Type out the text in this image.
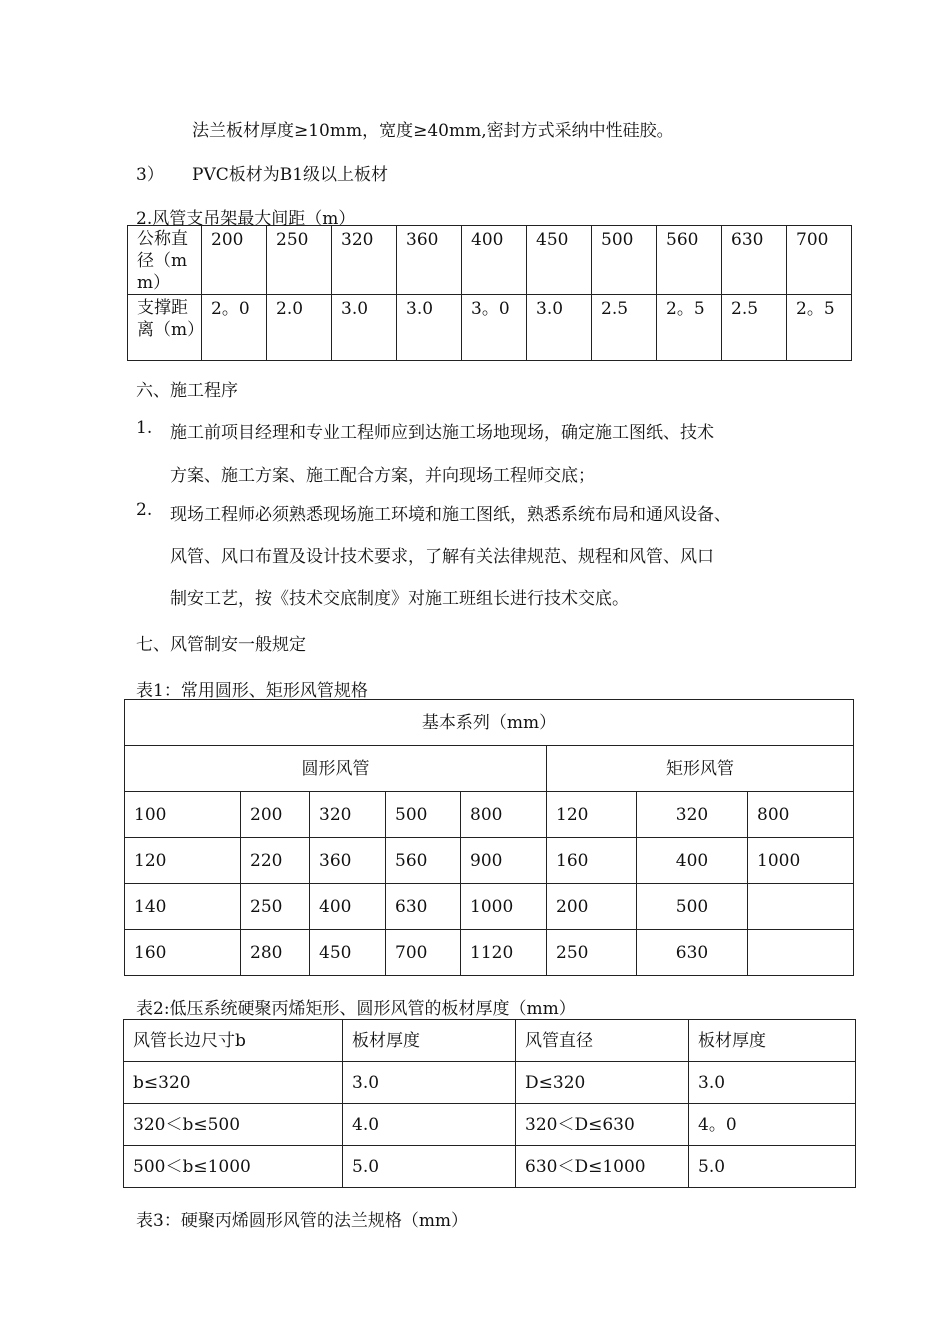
法兰板材厚度≥10mm，宽度≥40mm,密封方式采纳中性硅胶。
3） PVC板材为B1级以上板材
2.风管支吊架最大间距（m）
公称直径（mm）	200	250	320	360	400	450	500	560	630	700
支撑距离（m）	2。0	2.0	3.0	3.0	3。0	3.0	2.5	2。5	2.5	2。5
六、施工程序
1. 施工前项目经理和专业工程师应到达施工场地现场，确定施工图纸、技术
方案、施工方案、施工配合方案，并向现场工程师交底；
2. 现场工程师必须熟悉现场施工环境和施工图纸，熟悉系统布局和通风设备、
风管、风口布置及设计技术要求，了解有关法律规范、规程和风管、风口
制安工艺，按《技术交底制度》对施工班组长进行技术交底。
七、风管制安一般规定
表1：常用圆形、矩形风管规格
基本系列（mm）							
圆形风管					矩形风管		
100	200	320	500	800	120	320	800
120	220	360	560	900	160	400	1000
140	250	400	630	1000	200	500	
160	280	450	700	1120	250	630	
表2:低压系统硬聚丙烯矩形、圆形风管的板材厚度（mm）
风管长边尺寸b	板材厚度	风管直径	板材厚度
b≤320	3.0	D≤320	3.0
320＜b≤500	4.0	320＜D≤630	4。0
500＜b≤1000	5.0	630＜D≤1000	5.0
表3：硬聚丙烯圆形风管的法兰规格（mm）
